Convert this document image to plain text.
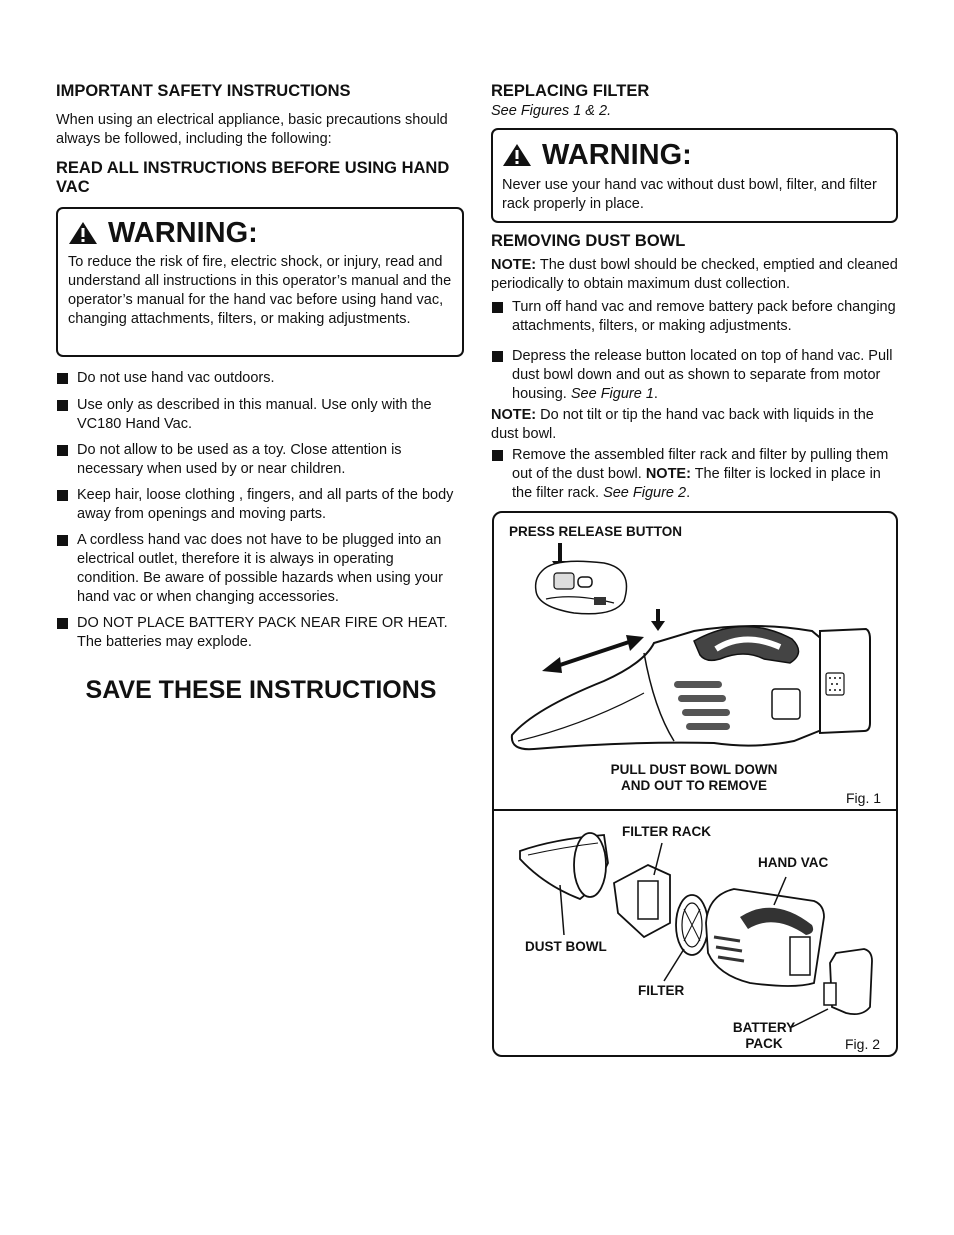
IMPORTANT SAFETY INSTRUCTIONS

When using an electrical appliance, basic precautions should always be followed, including the following:

READ ALL INSTRUCTIONS BEFORE USING HAND VAC
WARNING:
To reduce the risk of fire, electric shock, or injury, read and understand all instructions in this operator’s manual and the operator’s manual for the hand vac before using hand vac, changing attachments, filters, or making adjustments.
Do not use hand vac outdoors.
Use only as described in this manual. Use only with the VC180 Hand Vac.
Do not allow to be used as a toy. Close attention is necessary when used by or near children.
Keep hair, loose clothing , fingers, and all parts of the body away from openings and moving parts.
A cordless hand vac does not have to be plugged into an electrical outlet, therefore it is always in operating condition. Be aware of possible hazards when using your hand vac or when changing accessories.
DO NOT PLACE BATTERY PACK NEAR FIRE OR HEAT. The batteries may explode.
SAVE THESE INSTRUCTIONS
REPLACING FILTER

See Figures 1 & 2.

WARNING:
Never use your hand vac without dust bowl, filter, and filter rack properly in place.
REMOVING DUST BOWL

NOTE: The dust bowl should be checked, emptied and cleaned periodically to obtain maximum dust collection.

Turn off hand vac and remove battery pack before changing attachments, filters, or making adjustments.
Depress the release button located on top of hand vac. Pull dust bowl down and out as shown to separate from motor housing. See Figure 1.

NOTE: Do not tilt or tip the hand vac back with liquids in the dust bowl.

Remove the assembled filter rack and filter by pulling them out of the dust bowl. NOTE: The filter is locked in place in the filter rack. See Figure 2.
PRESS RELEASE BUTTON
PULL DUST BOWL DOWN
AND OUT TO REMOVE
Fig. 1
FILTER RACK
HAND VAC
DUST BOWL
FILTER
BATTERY
PACK	Fig. 2
